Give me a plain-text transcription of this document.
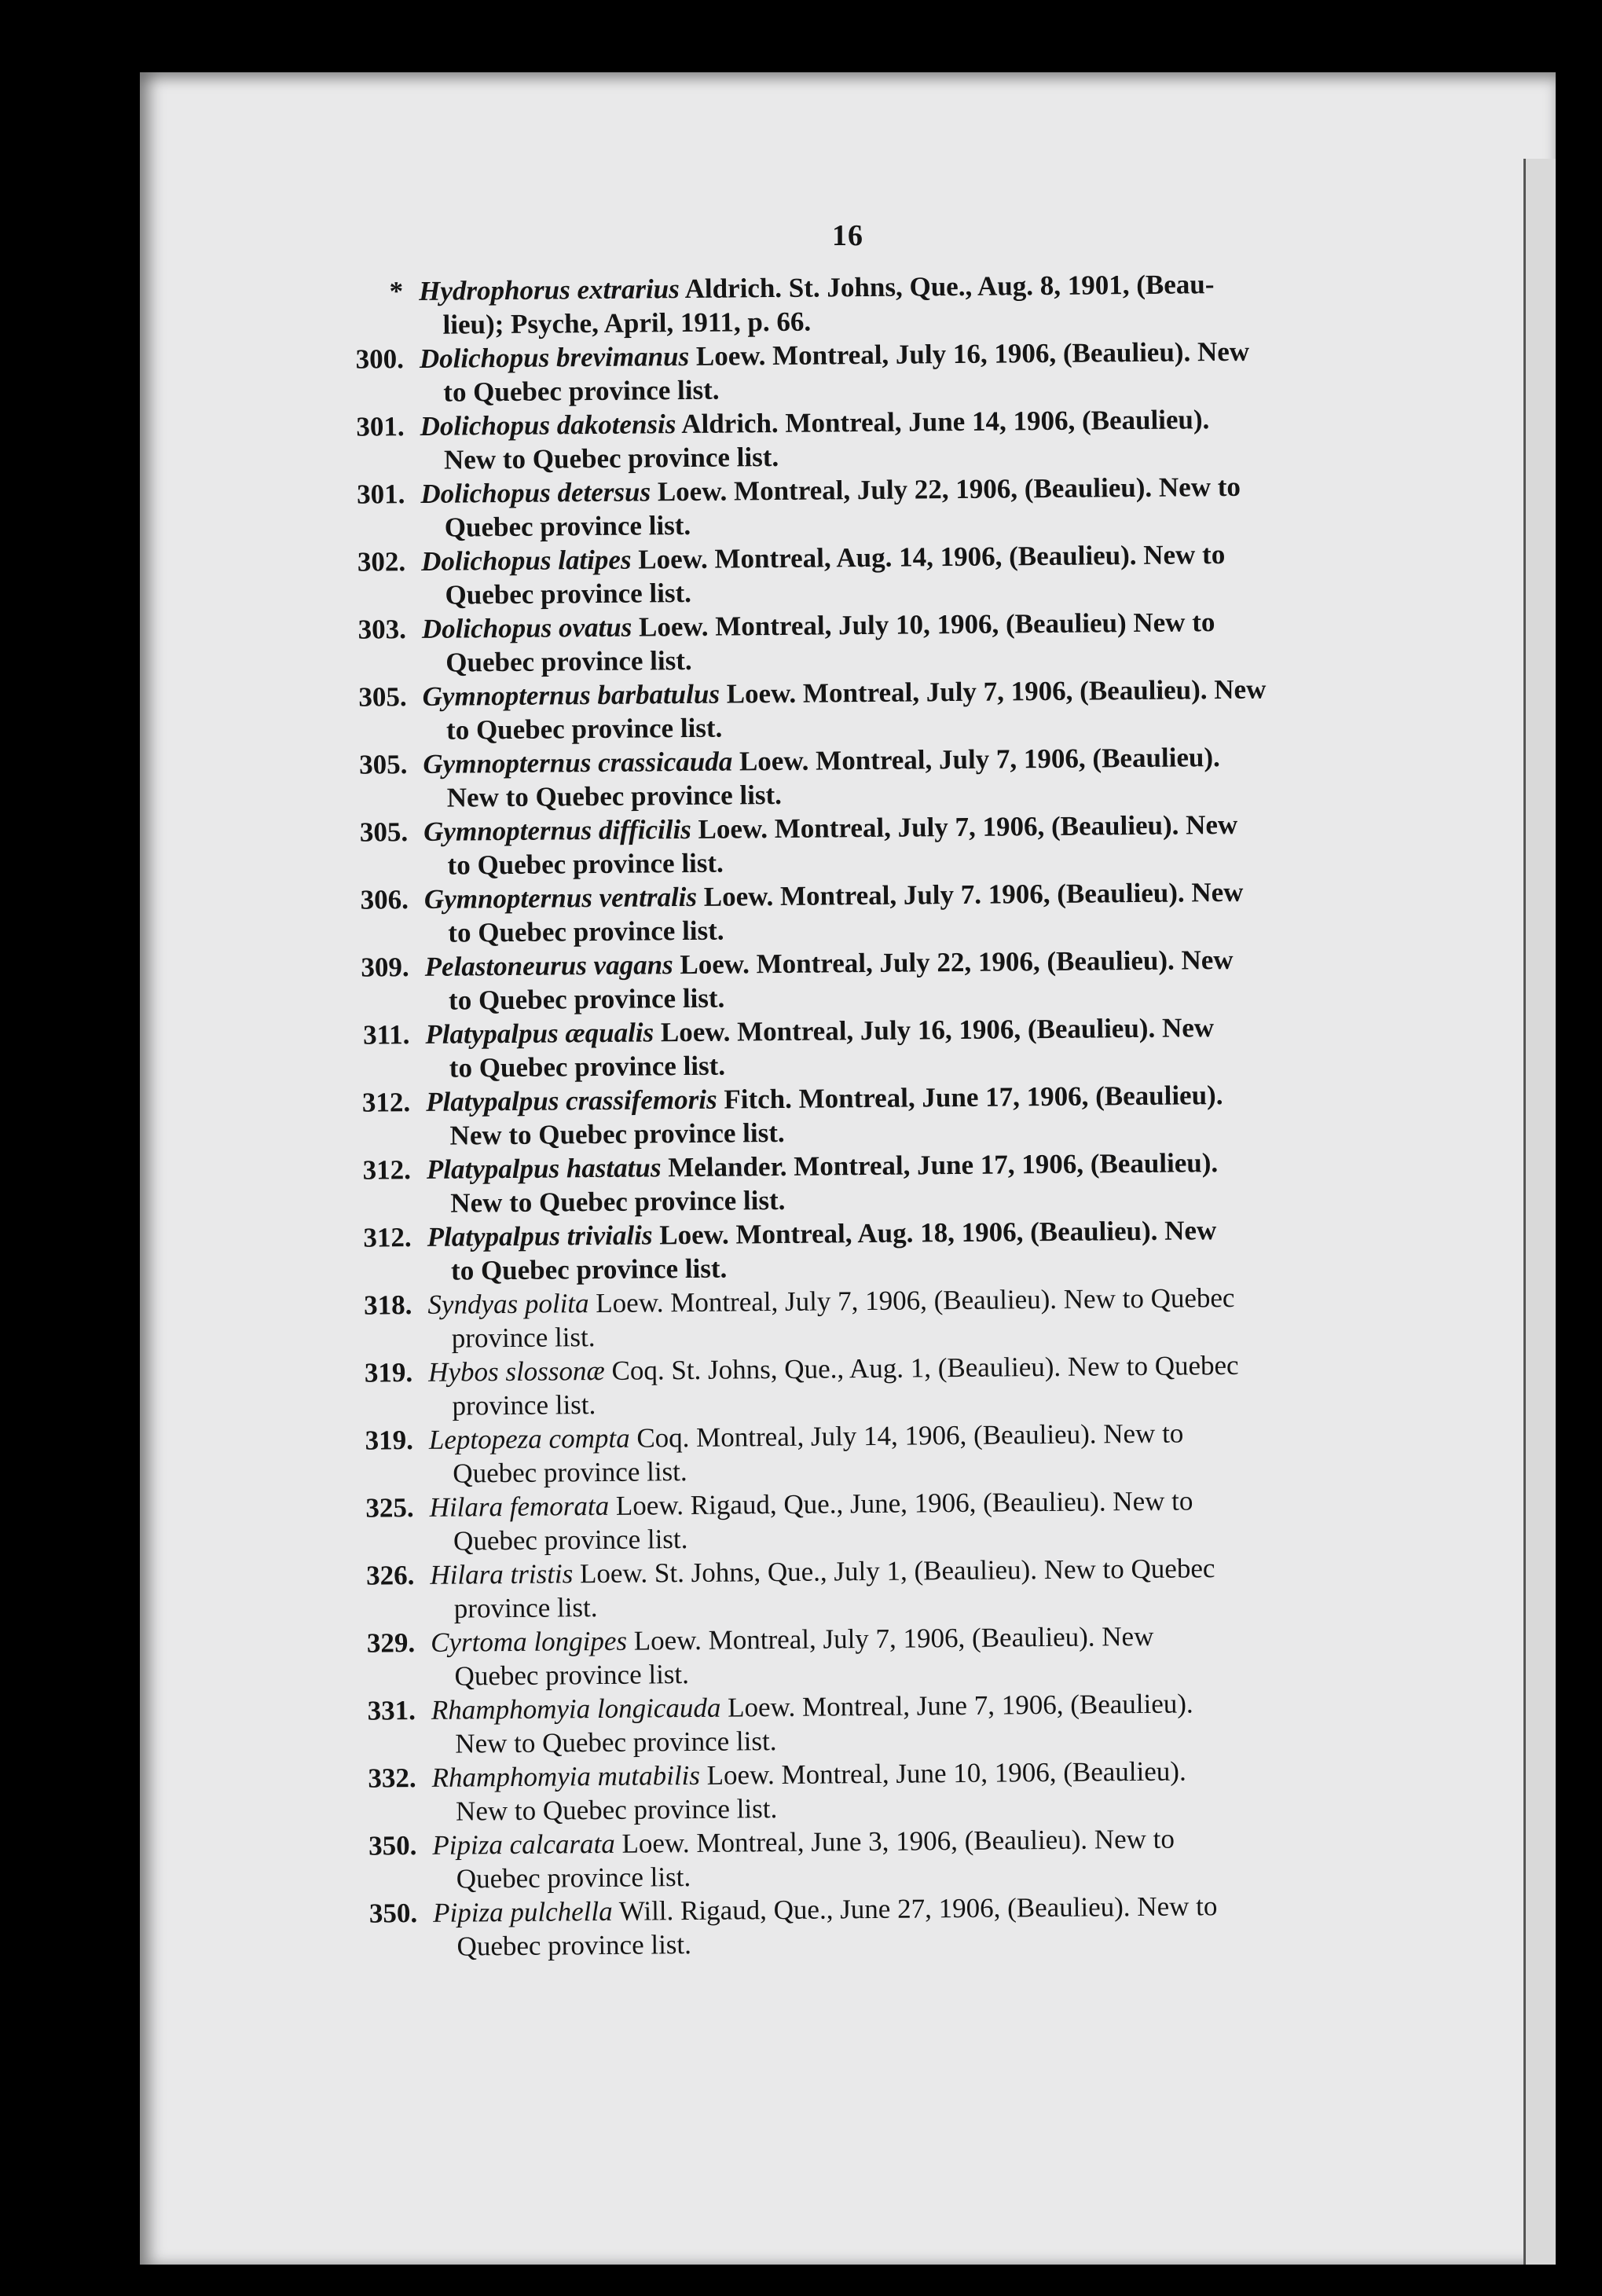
16
* Hydrophorus extrarius Aldrich. St. Johns, Que., Aug. 8, 1901, (Beau-
lieu); Psyche, April, 1911, p. 66.
300. Dolichopus brevimanus Loew. Montreal, July 16, 1906, (Beaulieu). New
to Quebec province list.
301. Dolichopus dakotensis Aldrich. Montreal, June 14, 1906, (Beaulieu).
New to Quebec province list.
301. Dolichopus detersus Loew. Montreal, July 22, 1906, (Beaulieu). New to
Quebec province list.
302. Dolichopus latipes Loew. Montreal, Aug. 14, 1906, (Beaulieu). New to
Quebec province list.
303. Dolichopus ovatus Loew. Montreal, July 10, 1906, (Beaulieu) New to
Quebec province list.
305. Gymnopternus barbatulus Loew. Montreal, July 7, 1906, (Beaulieu). New
to Quebec province list.
305. Gymnopternus crassicauda Loew. Montreal, July 7, 1906, (Beaulieu).
New to Quebec province list.
305. Gymnopternus difficilis Loew. Montreal, July 7, 1906, (Beaulieu). New
to Quebec province list.
306. Gymnopternus ventralis Loew. Montreal, July 7. 1906, (Beaulieu). New
to Quebec province list.
309. Pelastoneurus vagans Loew. Montreal, July 22, 1906, (Beaulieu). New
to Quebec province list.
311. Platypalpus æqualis Loew. Montreal, July 16, 1906, (Beaulieu). New
to Quebec province list.
312. Platypalpus crassifemoris Fitch. Montreal, June 17, 1906, (Beaulieu).
New to Quebec province list.
312. Platypalpus hastatus Melander. Montreal, June 17, 1906, (Beaulieu).
New to Quebec province list.
312. Platypalpus trivialis Loew. Montreal, Aug. 18, 1906, (Beaulieu). New
to Quebec province list.
318. Syndyas polita Loew. Montreal, July 7, 1906, (Beaulieu). New to Quebec
province list.
319. Hybos slossonæ Coq. St. Johns, Que., Aug. 1, (Beaulieu). New to Quebec
province list.
319. Leptopeza compta Coq. Montreal, July 14, 1906, (Beaulieu). New to
Quebec province list.
325. Hilara femorata Loew. Rigaud, Que., June, 1906, (Beaulieu). New to
Quebec province list.
326. Hilara tristis Loew. St. Johns, Que., July 1, (Beaulieu). New to Quebec
province list.
329. Cyrtoma longipes Loew. Montreal, July 7, 1906, (Beaulieu). New
Quebec province list.
331. Rhamphomyia longicauda Loew. Montreal, June 7, 1906, (Beaulieu).
New to Quebec province list.
332. Rhamphomyia mutabilis Loew. Montreal, June 10, 1906, (Beaulieu).
New to Quebec province list.
350. Pipiza calcarata Loew. Montreal, June 3, 1906, (Beaulieu). New to
Quebec province list.
350. Pipiza pulchella Will. Rigaud, Que., June 27, 1906, (Beaulieu). New to
Quebec province list.
